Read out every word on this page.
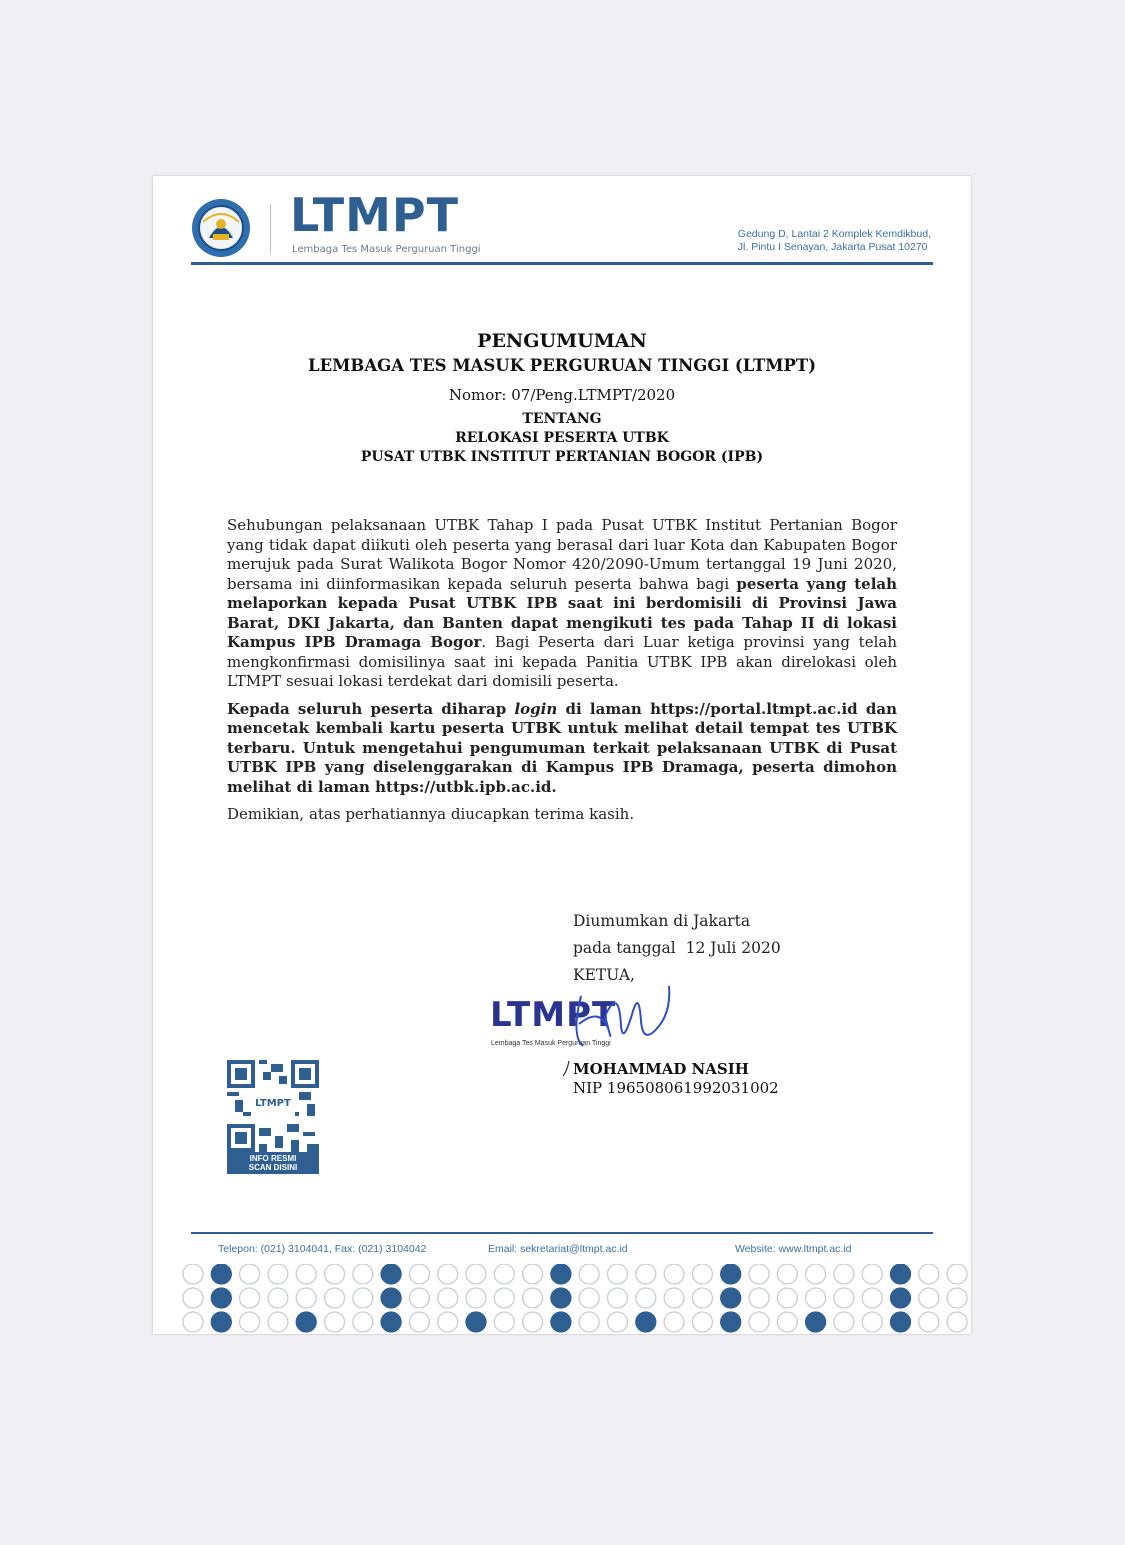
LTMPT
Lembaga Tes Masuk Perguruan Tinggi
Gedung D, Lantai 2 Komplek Kemdikbud,
Jl. Pintu I Senayan, Jakarta Pusat 10270
PENGUMUMAN
LEMBAGA TES MASUK PERGURUAN TINGGI (LTMPT)
Nomor: 07/Peng.LTMPT/2020
TENTANG
RELOKASI PESERTA UTBK
PUSAT UTBK INSTITUT PERTANIAN BOGOR (IPB)

Sehubungan pelaksanaan UTBK Tahap I pada Pusat UTBK Institut Pertanian Bogor yang tidak dapat diikuti oleh peserta yang berasal dari luar Kota dan Kabupaten Bogor merujuk pada Surat Walikota Bogor Nomor 420/2090-Umum tertanggal 19 Juni 2020, bersama ini diinformasikan kepada seluruh peserta bahwa bagi peserta yang telah melaporkan kepada Pusat UTBK IPB saat ini berdomisili di Provinsi Jawa Barat, DKI Jakarta, dan Banten dapat mengikuti tes pada Tahap II di lokasi Kampus IPB Dramaga Bogor. Bagi Peserta dari Luar ketiga provinsi yang telah mengkonfirmasi domisilinya saat ini kepada Panitia UTBK IPB akan direlokasi oleh LTMPT sesuai lokasi terdekat dari domisili peserta.

Kepada seluruh peserta diharap login di laman https://portal.ltmpt.ac.id dan mencetak kembali kartu peserta UTBK untuk melihat detail tempat tes UTBK terbaru. Untuk mengetahui pengumuman terkait pelaksanaan UTBK di Pusat UTBK IPB yang diselenggarakan di Kampus IPB Dramaga, peserta dimohon melihat di laman https://utbk.ipb.ac.id.

Demikian, atas perhatiannya diucapkan terima kasih.

Diumumkan di Jakarta
pada tanggal  12 Juli 2020
KETUA,
LTMPT
Lembaga Tes Masuk Perguruan Tinggi
MOHAMMAD NASIH
NIP 196508061992031002
LTMPT
INFO RESMI
SCAN DISINI
Telepon: (021) 3104041, Fax: (021) 3104042	Email: sekretariat@ltmpt.ac.id	Website: www.ltmpt.ac.id
